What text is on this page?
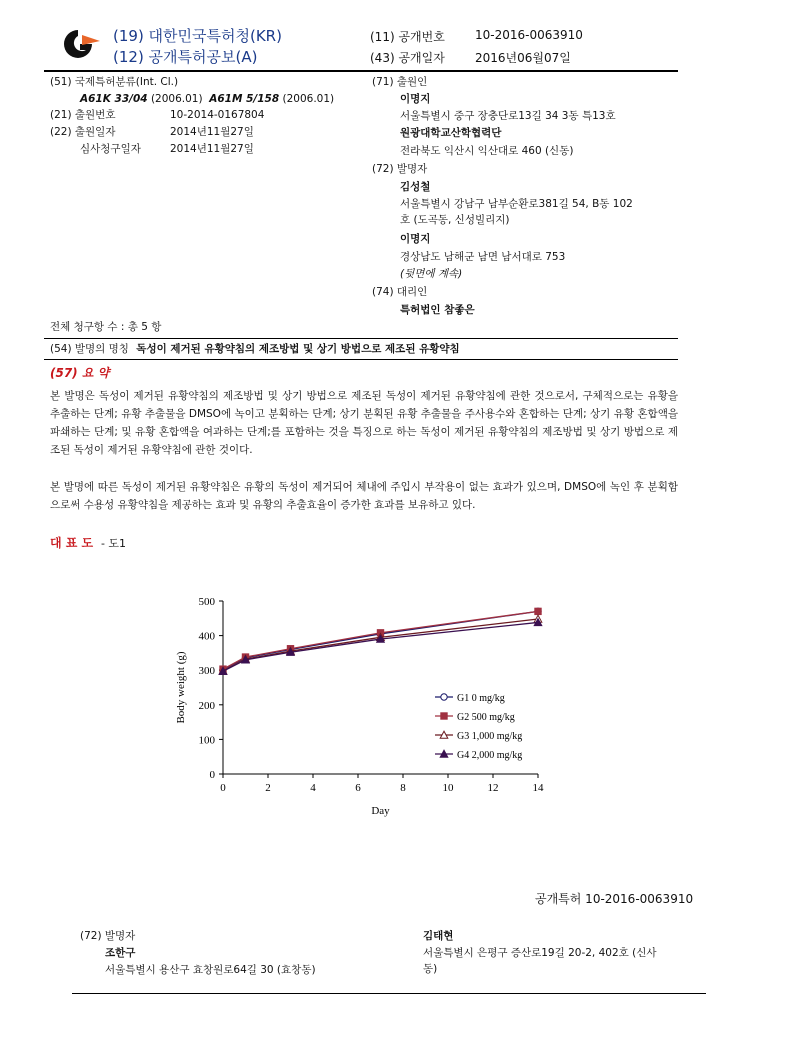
(19) 대한민국특허청(KR)
(12) 공개특허공보(A)
(11) 공개번호	10-2016-0063910
(43) 공개일자	2016년06월07일
(51) 국제특허분류(Int. Cl.)
A61K 33/04 (2006.01) A61M 5/158 (2006.01)
(21) 출원번호	10-2014-0167804
(22) 출원일자	2014년11월27일
심사청구일자	2014년11월27일
전체 청구항 수 : 총 5 항
(71) 출원인
이명지
서울특별시 중구 장충단로13길 34 3동 특13호
원광대학교산학협력단
전라북도 익산시 익산대로 460 (신동)
(72) 발명자
김성철
서울특별시 강남구 남부순환로381길 54, B동 102
호 (도곡동, 신성빌리지)
이명지
경상남도 남해군 남면 남서대로 753
(뒷면에 계속)
(74) 대리인
특허법인 참좋은
(54) 발명의 명칭 독성이 제거된 유황약침의 제조방법 및 상기 방법으로 제조된 유황약침
(57) 요 약
본 발명은 독성이 제거된 유황약침의 제조방법 및 상기 방법으로 제조된 독성이 제거된 유황약침에 관한 것으로서, 구체적으로는 유황을 추출하는 단계; 유황 추출물을 DMSO에 녹이고 분획하는 단계; 상기 분획된 유황 추출물을 주사용수와 혼합하는 단계; 상기 유황 혼합액을 파쇄하는 단계; 및 유황 혼합액을 여과하는 단계;를 포함하는 것을 특징으로 하는 독성이 제거된 유황약침의 제조방법 및 상기 방법으로 제조된 독성이 제거된 유황약침에 관한 것이다.
본 발명에 따른 독성이 제거된 유황약침은 유황의 독성이 제거되어 체내에 주입시 부작용이 없는 효과가 있으며, DMSO에 녹인 후 분획함으로써 수용성 유황약침을 제공하는 효과 및 유황의 추출효율이 증가한 효과를 보유하고 있다.
대 표 도 - 도1
0
100
200
300
400
500
0	2	4	6	8	10	12	14
Day
Body weight (g)	G1 0 mg/kg
G2 500 mg/kg
G3 1,000 mg/kg
G4 2,000 mg/kg
공개특허 10-2016-0063910
(72) 발명자
조한구
서울특별시 용산구 효창원로64길 30 (효창동)
김태현
서울특별시 은평구 증산로19길 20-2, 402호 (신사
동)
